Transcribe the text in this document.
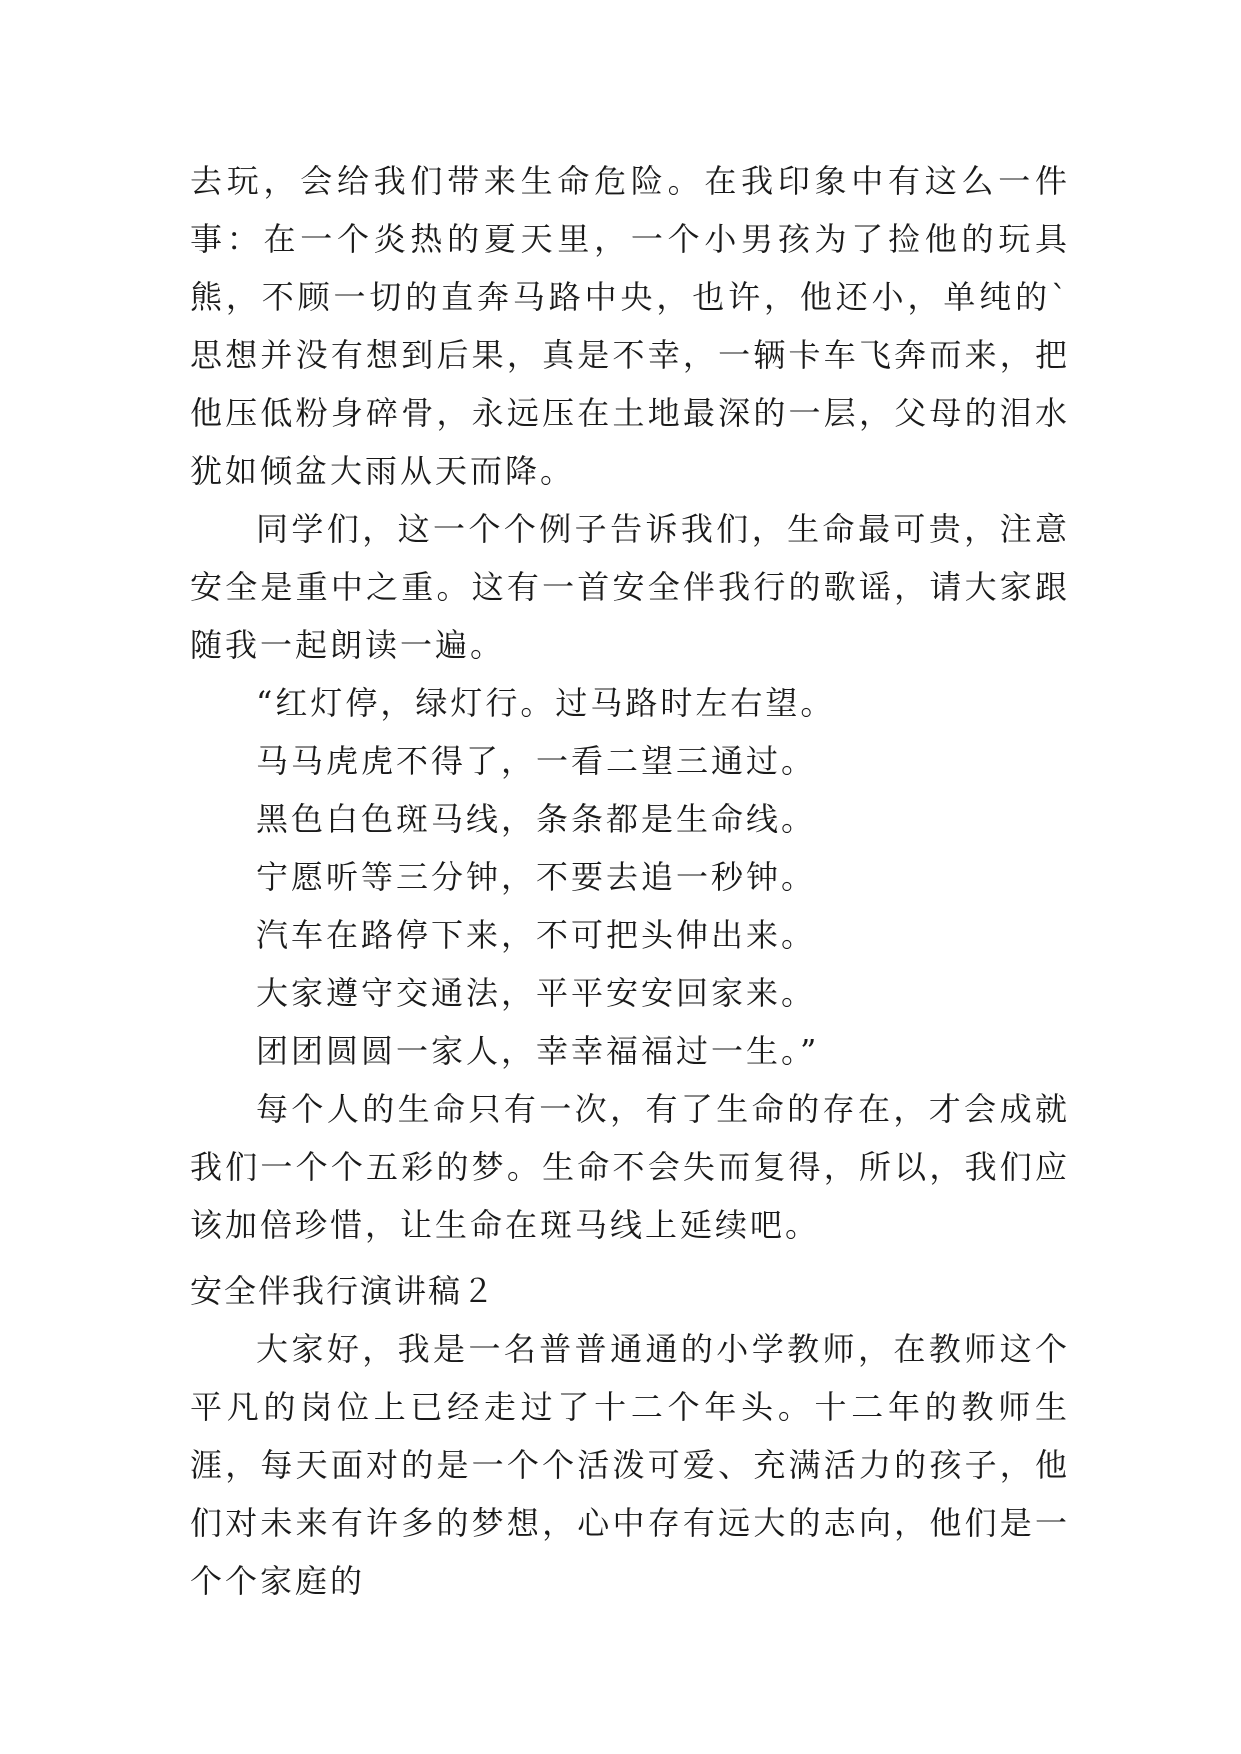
去玩，会给我们带来生命危险。在我印象中有这么一件事：在一个炎热的夏天里，一个小男孩为了捡他的玩具熊，不顾一切的直奔马路中央，也许，他还小，单纯的`思想并没有想到后果，真是不幸，一辆卡车飞奔而来，把他压低粉身碎骨，永远压在土地最深的一层，父母的泪水犹如倾盆大雨从天而降。

同学们，这一个个例子告诉我们，生命最可贵，注意安全是重中之重。这有一首安全伴我行的歌谣，请大家跟随我一起朗读一遍。

“红灯停，绿灯行。过马路时左右望。

马马虎虎不得了，一看二望三通过。

黑色白色斑马线，条条都是生命线。

宁愿听等三分钟，不要去追一秒钟。

汽车在路停下来，不可把头伸出来。

大家遵守交通法，平平安安回家来。

团团圆圆一家人，幸幸福福过一生。”

每个人的生命只有一次，有了生命的存在，才会成就我们一个个五彩的梦。生命不会失而复得，所以，我们应该加倍珍惜，让生命在斑马线上延续吧。

安全伴我行演讲稿２

大家好，我是一名普普通通的小学教师，在教师这个平凡的岗位上已经走过了十二个年头。十二年的教师生涯，每天面对的是一个个活泼可爱、充满活力的孩子，他们对未来有许多的梦想，心中存有远大的志向，他们是一个个家庭的
